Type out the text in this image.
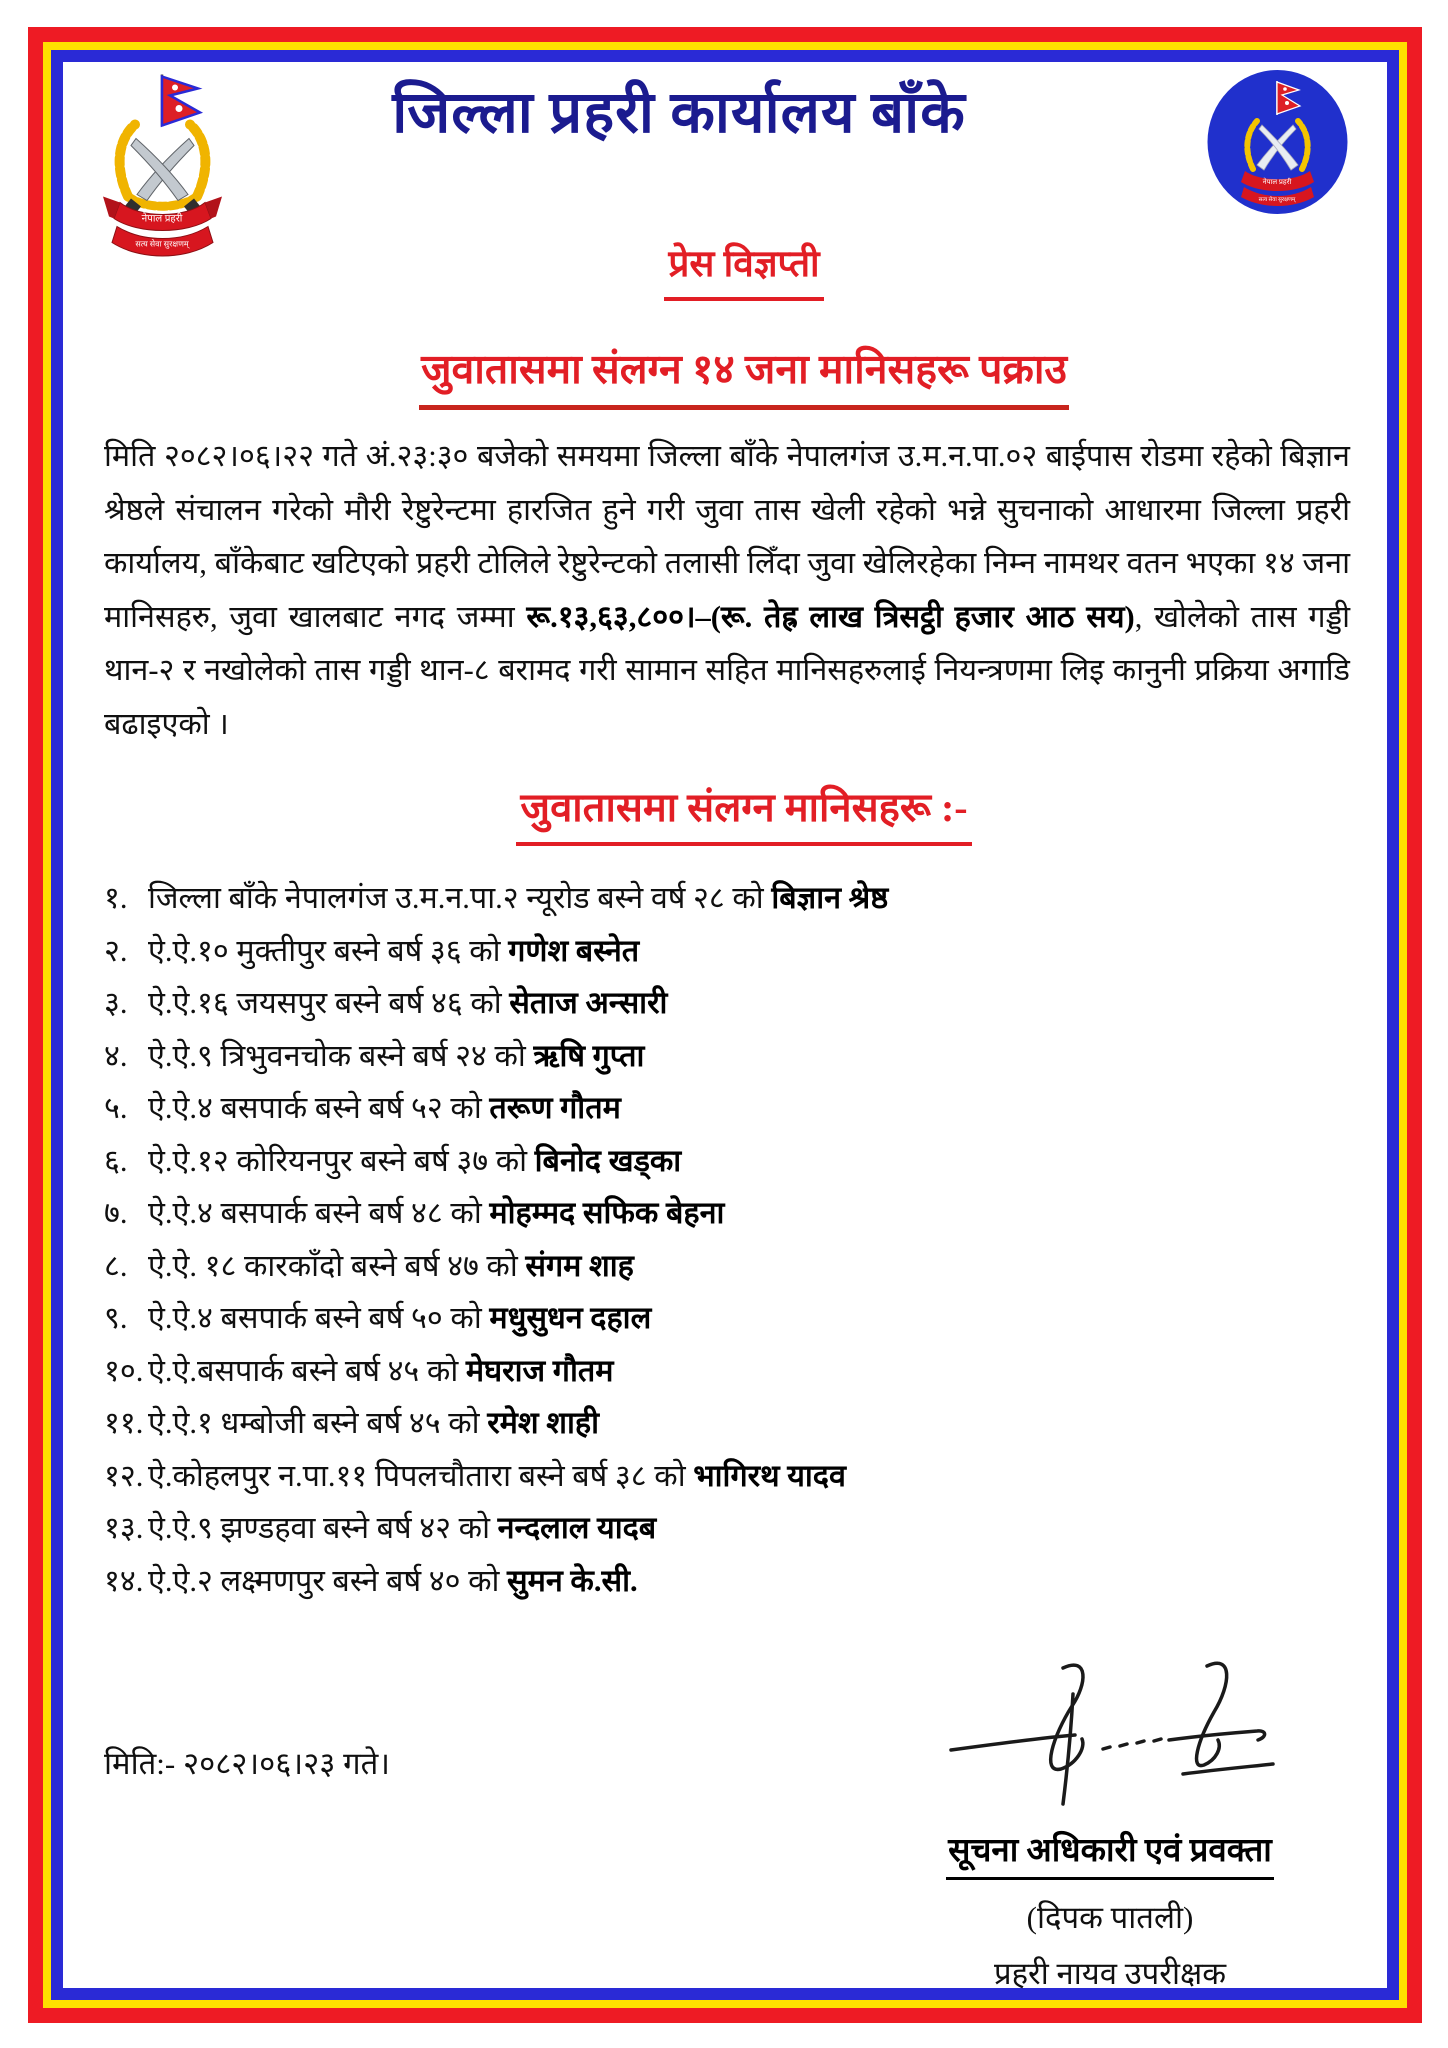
नेपाल प्रहरी
सत्य सेवा सुरक्षणम्
जिल्ला प्रहरी कार्यालय बाँके
नेपाल प्रहरी
सत्य सेवा सुरक्षणम्
प्रेस विज्ञप्ती
जुवातासमा संलग्न १४ जना मानिसहरू पक्राउ

मिति २०८२।०६।२२ गते अं.२३:३० बजेको समयमा जिल्ला बाँके नेपालगंज उ.म.न.पा.०२ बाईपास रोडमा रहेको बिज्ञान श्रेष्ठले संचालन गरेको मौरी रेष्टुरेन्टमा हारजित हुने गरी जुवा तास खेली रहेको भन्ने सुचनाको आधारमा जिल्ला प्रहरी कार्यालय, बाँकेबाट खटिएको प्रहरी टोलिले रेष्टुरेन्टको तलासी लिँदा जुवा खेलिरहेका निम्न नामथर वतन भएका १४ जना मानिसहरु, जुवा खालबाट नगद जम्मा रू.१३,६३,८००।–(रू. तेह्र लाख त्रिसट्ठी हजार आठ सय), खोलेको तास गड्डी थान-२ र नखोलेको तास गड्डी थान-८ बरामद गरी सामान सहित मानिसहरुलाई नियन्त्रणमा लिइ कानुनी प्रक्रिया अगाडि बढाइएको ।

जुवातासमा संलग्न मानिसहरू :-
१. जिल्ला बाँके नेपालगंज उ.म.न.पा.२ न्यूरोड बस्ने वर्ष २८ को बिज्ञान श्रेष्ठ
२. ऐ.ऐ.१० मुक्तीपुर बस्ने बर्ष ३६ को गणेश बस्नेत
३. ऐ.ऐ.१६ जयसपुर बस्ने बर्ष ४६ को सेताज अन्सारी
४. ऐ.ऐ.९ त्रिभुवनचोक बस्ने बर्ष २४ को ऋषि गुप्ता
५. ऐ.ऐ.४ बसपार्क बस्ने बर्ष ५२ को तरूण गौतम
६. ऐ.ऐ.१२ कोरियनपुर बस्ने बर्ष ३७ को बिनोद खड्का
७. ऐ.ऐ.४ बसपार्क बस्ने बर्ष ४८ को मोहम्मद सफिक बेहना
८. ऐ.ऐ. १८ कारकाँदो बस्ने बर्ष ४७ को संगम शाह
९. ऐ.ऐ.४ बसपार्क बस्ने बर्ष ५० को मधुसुधन दहाल
१०. ऐ.ऐ.बसपार्क बस्ने बर्ष ४५ को मेघराज गौतम
११. ऐ.ऐ.१ धम्बोजी बस्ने बर्ष ४५ को रमेश शाही
१२. ऐ.कोहलपुर न.पा.११ पिपलचौतारा बस्ने बर्ष ३८ को भागिरथ यादव
१३. ऐ.ऐ.९ झण्डहवा बस्ने बर्ष ४२ को नन्दलाल यादब
१४. ऐ.ऐ.२ लक्ष्मणपुर बस्ने बर्ष ४० को सुमन के.सी.
मिति:- २०८२।०६।२३ गते।
सूचना अधिकारी एवं प्रवक्ता
(दिपक पातली)
प्रहरी नायव उपरीक्षक
